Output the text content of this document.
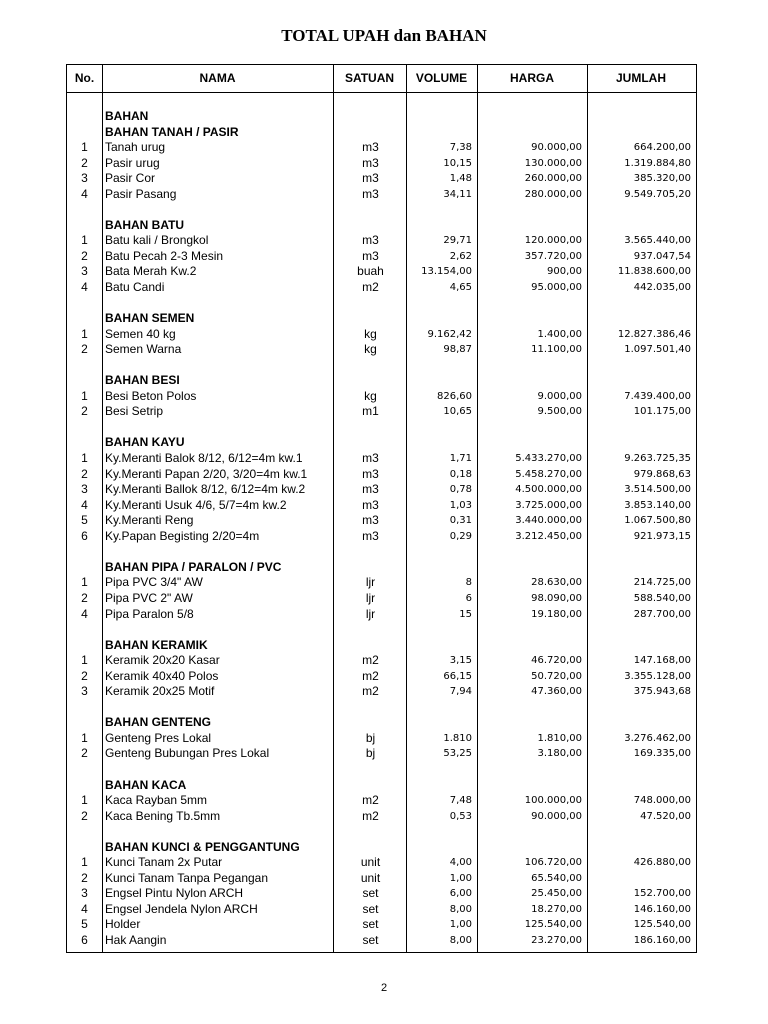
TOTAL UPAH dan BAHAN
No.	NAMA	SATUAN	VOLUME	HARGA	JUMLAH
BAHAN
BAHAN TANAH / PASIR
1	Tanah urug	m3	7,38	90.000,00	664.200,00
2	Pasir urug	m3	10,15	130.000,00	1.319.884,80
3	Pasir Cor	m3	1,48	260.000,00	385.320,00
4	Pasir Pasang	m3	34,11	280.000,00	9.549.705,20
BAHAN BATU
1	Batu kali / Brongkol	m3	29,71	120.000,00	3.565.440,00
2	Batu Pecah 2-3 Mesin	m3	2,62	357.720,00	937.047,54
3	Bata Merah Kw.2	buah	13.154,00	900,00	11.838.600,00
4	Batu Candi	m2	4,65	95.000,00	442.035,00
BAHAN SEMEN
1	Semen 40 kg	kg	9.162,42	1.400,00	12.827.386,46
2	Semen Warna	kg	98,87	11.100,00	1.097.501,40
BAHAN BESI
1	Besi Beton Polos	kg	826,60	9.000,00	7.439.400,00
2	Besi Setrip	m1	10,65	9.500,00	101.175,00
BAHAN KAYU
1	Ky.Meranti Balok 8/12, 6/12=4m kw.1	m3	1,71	5.433.270,00	9.263.725,35
2	Ky.Meranti Papan 2/20, 3/20=4m kw.1	m3	0,18	5.458.270,00	979.868,63
3	Ky.Meranti Ballok 8/12, 6/12=4m kw.2	m3	0,78	4.500.000,00	3.514.500,00
4	Ky.Meranti Usuk 4/6, 5/7=4m kw.2	m3	1,03	3.725.000,00	3.853.140,00
5	Ky.Meranti Reng	m3	0,31	3.440.000,00	1.067.500,80
6	Ky.Papan Begisting 2/20=4m	m3	0,29	3.212.450,00	921.973,15
BAHAN PIPA / PARALON / PVC
1	Pipa PVC 3/4" AW	ljr	8	28.630,00	214.725,00
2	Pipa PVC 2" AW	ljr	6	98.090,00	588.540,00
4	Pipa Paralon 5/8	ljr	15	19.180,00	287.700,00
BAHAN KERAMIK
1	Keramik 20x20 Kasar	m2	3,15	46.720,00	147.168,00
2	Keramik 40x40 Polos	m2	66,15	50.720,00	3.355.128,00
3	Keramik 20x25 Motif	m2	7,94	47.360,00	375.943,68
BAHAN GENTENG
1	Genteng Pres Lokal	bj	1.810	1.810,00	3.276.462,00
2	Genteng Bubungan Pres Lokal	bj	53,25	3.180,00	169.335,00
BAHAN KACA
1	Kaca Rayban 5mm	m2	7,48	100.000,00	748.000,00
2	Kaca Bening Tb.5mm	m2	0,53	90.000,00	47.520,00
BAHAN KUNCI & PENGGANTUNG
1	Kunci Tanam 2x Putar	unit	4,00	106.720,00	426.880,00
2	Kunci Tanam Tanpa Pegangan	unit	1,00	65.540,00
3	Engsel Pintu Nylon ARCH	set	6,00	25.450,00	152.700,00
4	Engsel Jendela Nylon ARCH	set	8,00	18.270,00	146.160,00
5	Holder	set	1,00	125.540,00	125.540,00
6	Hak Aangin	set	8,00	23.270,00	186.160,00
2
